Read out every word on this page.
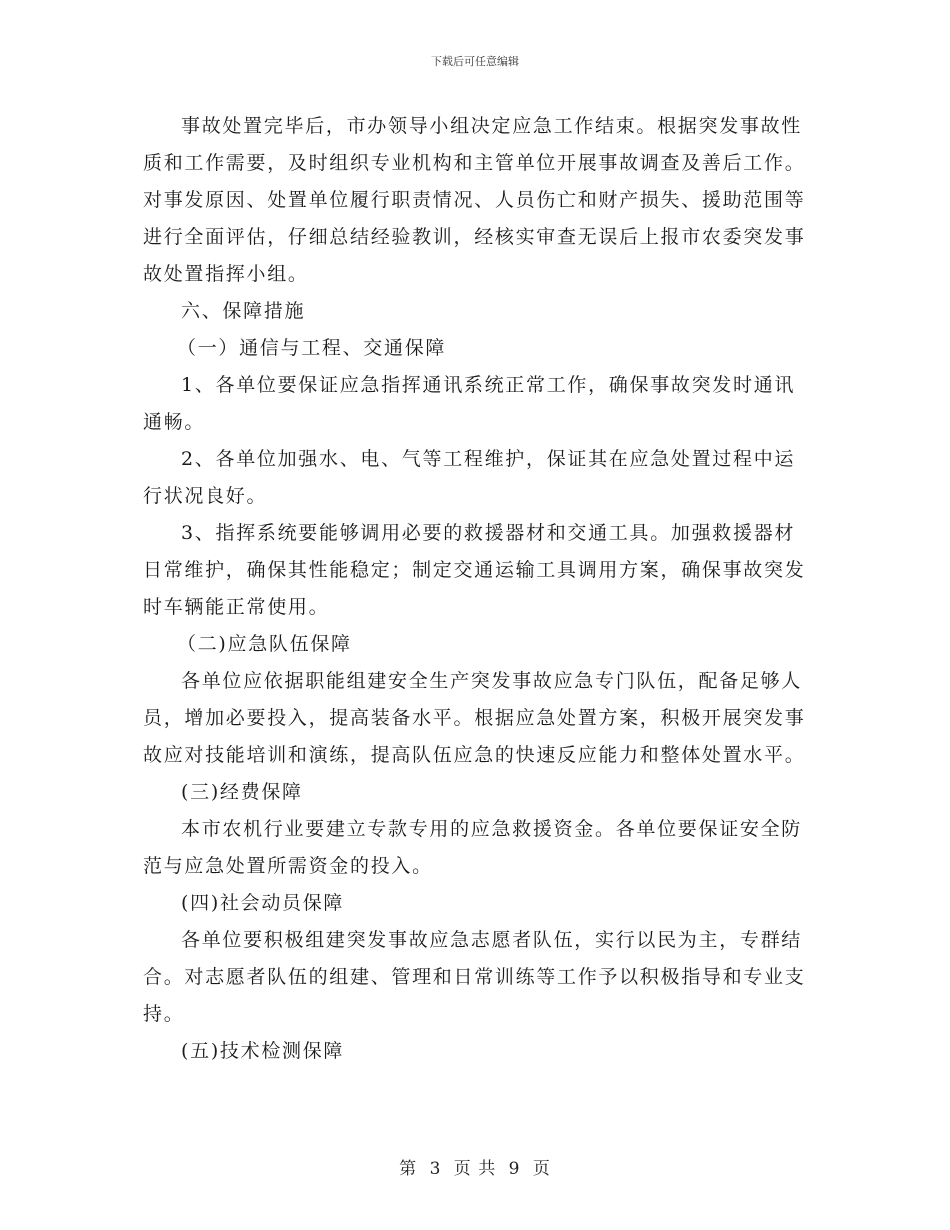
下载后可任意编辑

事故处置完毕后，市办领导小组决定应急工作结束。根据突发事故性质和工作需要，及时组织专业机构和主管单位开展事故调查及善后工作。对事发原因、处置单位履行职责情况、人员伤亡和财产损失、援助范围等进行全面评估，仔细总结经验教训，经核实审查无误后上报市农委突发事故处置指挥小组。

六、保障措施

（一）通信与工程、交通保障

1、各单位要保证应急指挥通讯系统正常工作，确保事故突发时通讯通畅。

2、各单位加强水、电、气等工程维护，保证其在应急处置过程中运行状况良好。

3、指挥系统要能够调用必要的救援器材和交通工具。加强救援器材日常维护，确保其性能稳定；制定交通运输工具调用方案，确保事故突发时车辆能正常使用。

（二)应急队伍保障

各单位应依据职能组建安全生产突发事故应急专门队伍，配备足够人员，增加必要投入，提高装备水平。根据应急处置方案，积极开展突发事故应对技能培训和演练，提高队伍应急的快速反应能力和整体处置水平。

(三)经费保障

本市农机行业要建立专款专用的应急救援资金。各单位要保证安全防范与应急处置所需资金的投入。

(四)社会动员保障

各单位要积极组建突发事故应急志愿者队伍，实行以民为主，专群结合。对志愿者队伍的组建、管理和日常训练等工作予以积极指导和专业支持。

(五)技术检测保障

第 3 页 共 9 页
